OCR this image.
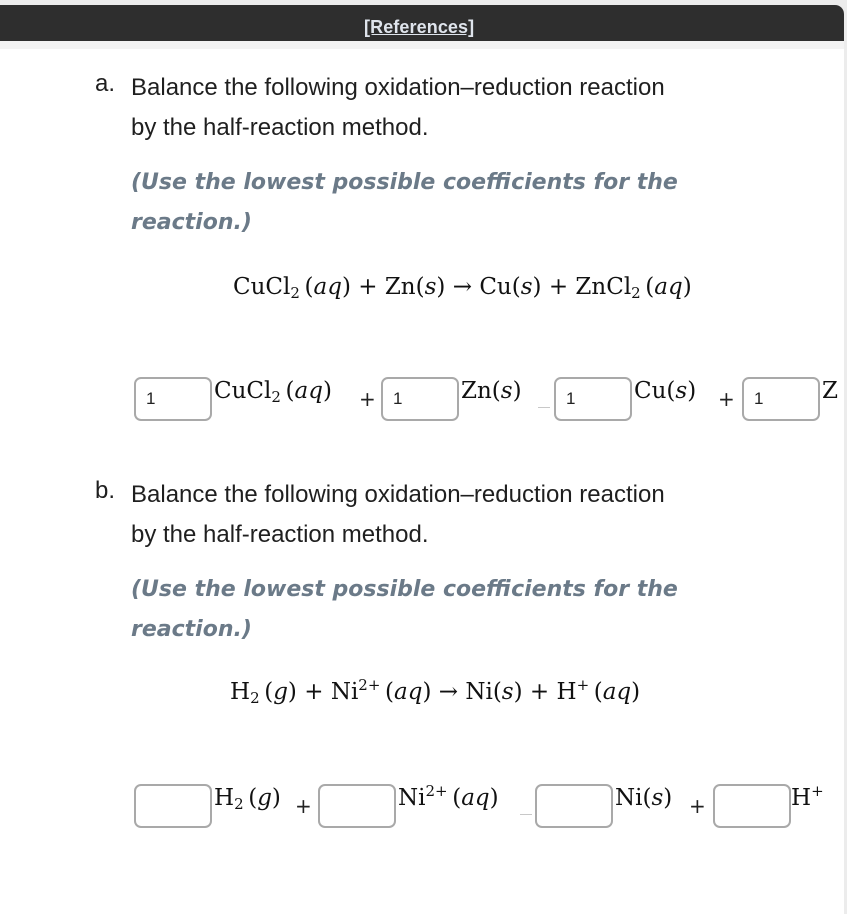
[References]
a. Balance the following oxidation–reduction reaction by the half-reaction method.
(Use the lowest possible coefficients for the reaction.)
CuCl$_2$ (aq) + Zn(s) → Cu(s) + ZnCl$_2$ (aq)
1
CuCl$_2$ (aq) +
1	Zn(s)
1	Cu(s) +
1	Z
b. Balance the following oxidation–reduction reaction by the half-reaction method.
(Use the lowest possible coefficients for the reaction.)
$H_2$ $(g) + Ni^{2+}$ (aq) → Ni(s) + H+ (aq)
$H_2$ (g) +	$Ni^{2+}$ (aq)	Ni(s) +	H+
